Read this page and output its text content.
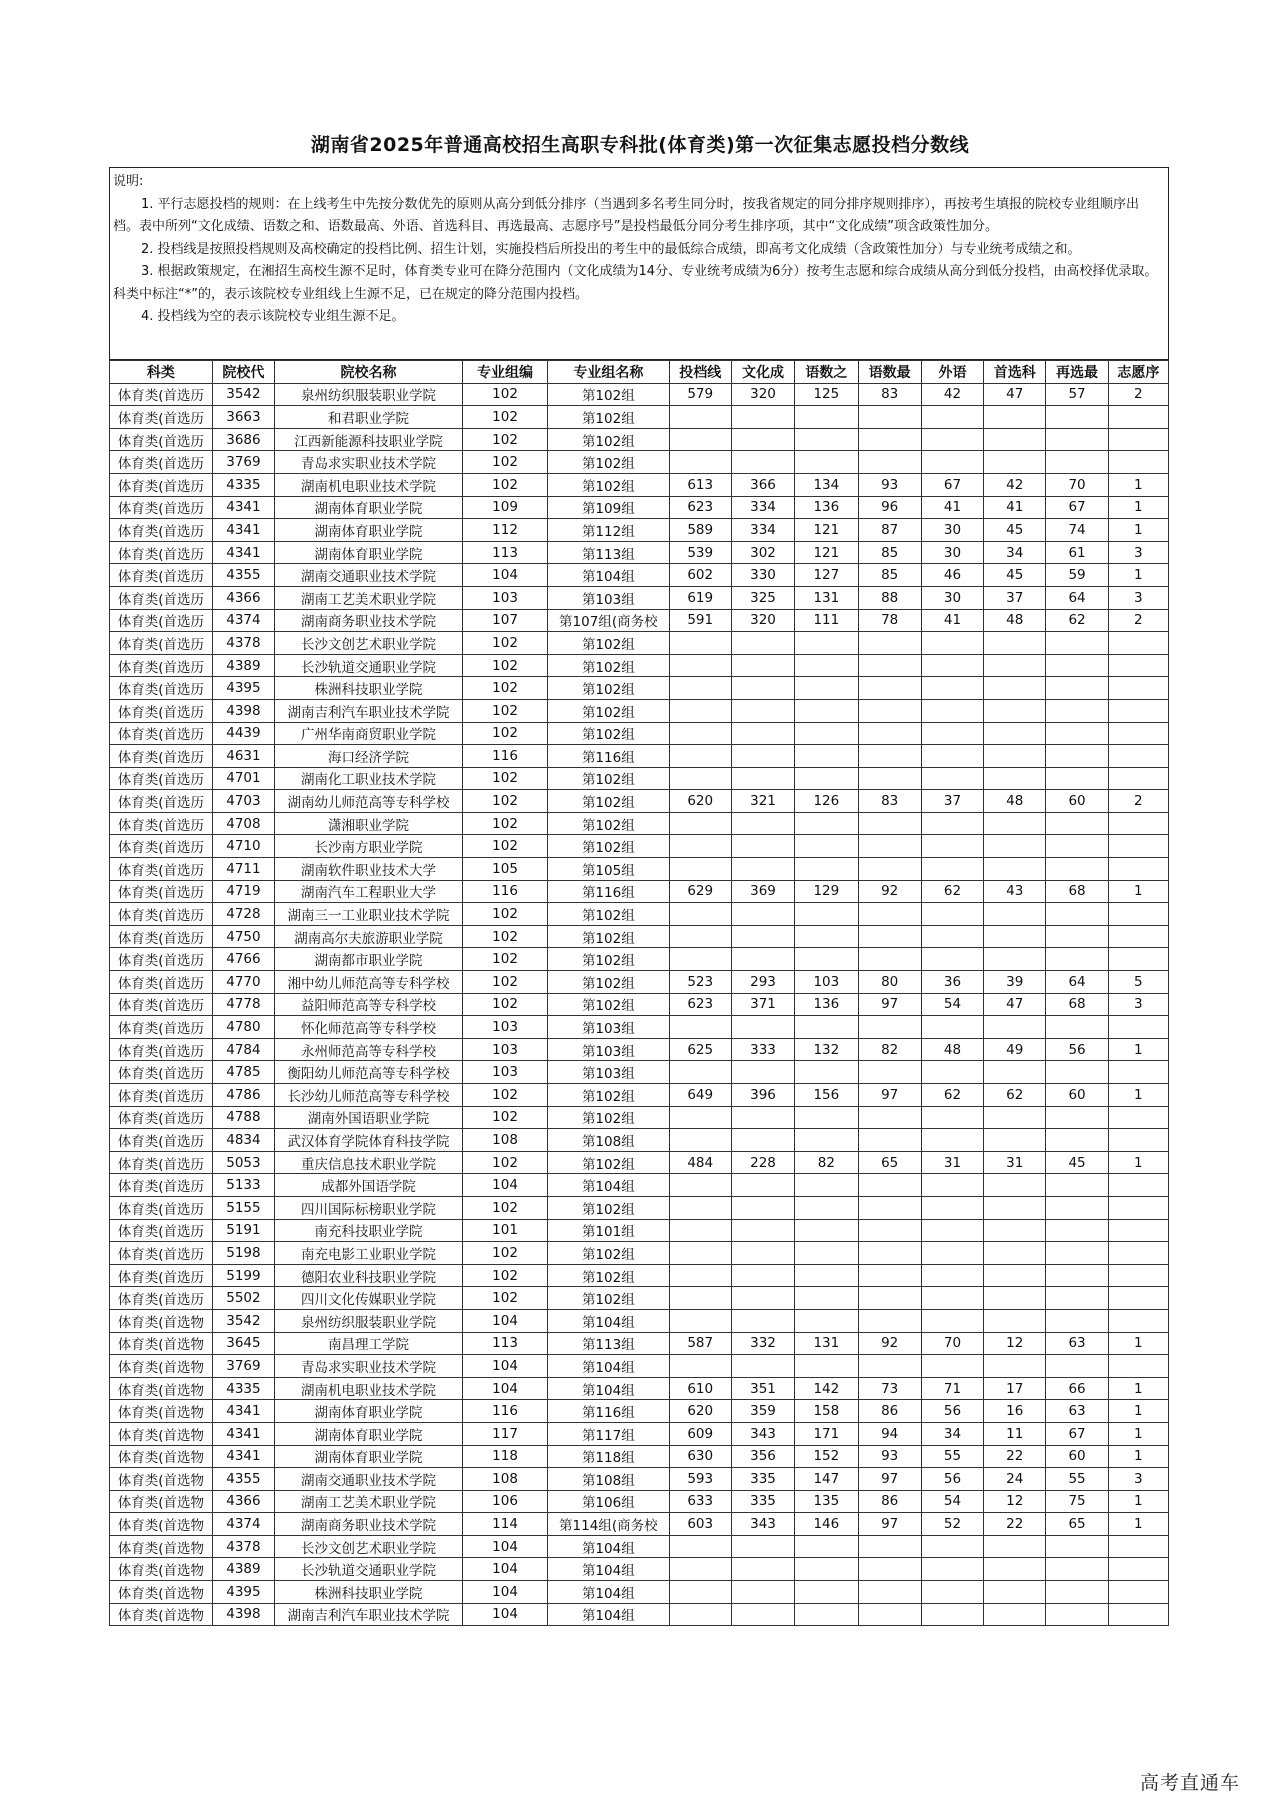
湖南省2025年普通高校招生高职专科批(体育类)第一次征集志愿投档分数线

说明:

1. 平行志愿投档的规则：在上线考生中先按分数优先的原则从高分到低分排序（当遇到多名考生同分时，按我省规定的同分排序规则排序），再按考生填报的院校专业组顺序出档。表中所列“文化成绩、语数之和、语数最高、外语、首选科目、再选最高、志愿序号”是投档最低分同分考生排序项，其中“文化成绩”项含政策性加分。

2. 投档线是按照投档规则及高校确定的投档比例、招生计划，实施投档后所投出的考生中的最低综合成绩，即高考文化成绩（含政策性加分）与专业统考成绩之和。

3. 根据政策规定，在湘招生高校生源不足时，体育类专业可在降分范围内（文化成绩为14分、专业统考成绩为6分）按考生志愿和综合成绩从高分到低分投档，由高校择优录取。科类中标注“*”的，表示该院校专业组线上生源不足，已在规定的降分范围内投档。

4. 投档线为空的表示该院校专业组生源不足。

科类	院校代	院校名称	专业组编	专业组名称	投档线	文化成	语数之	语数最	外语	首选科	再选最	志愿序
体育类(首选历	3542	泉州纺织服装职业学院	102	第102组	579	320	125	83	42	47	57	2
体育类(首选历	3663	和君职业学院	102	第102组								
体育类(首选历	3686	江西新能源科技职业学院	102	第102组								
体育类(首选历	3769	青岛求实职业技术学院	102	第102组								
体育类(首选历	4335	湖南机电职业技术学院	102	第102组	613	366	134	93	67	42	70	1
体育类(首选历	4341	湖南体育职业学院	109	第109组	623	334	136	96	41	41	67	1
体育类(首选历	4341	湖南体育职业学院	112	第112组	589	334	121	87	30	45	74	1
体育类(首选历	4341	湖南体育职业学院	113	第113组	539	302	121	85	30	34	61	3
体育类(首选历	4355	湖南交通职业技术学院	104	第104组	602	330	127	85	46	45	59	1
体育类(首选历	4366	湖南工艺美术职业学院	103	第103组	619	325	131	88	30	37	64	3
体育类(首选历	4374	湖南商务职业技术学院	107	第107组(商务校	591	320	111	78	41	48	62	2
体育类(首选历	4378	长沙文创艺术职业学院	102	第102组								
体育类(首选历	4389	长沙轨道交通职业学院	102	第102组								
体育类(首选历	4395	株洲科技职业学院	102	第102组								
体育类(首选历	4398	湖南吉利汽车职业技术学院	102	第102组								
体育类(首选历	4439	广州华南商贸职业学院	102	第102组								
体育类(首选历	4631	海口经济学院	116	第116组								
体育类(首选历	4701	湖南化工职业技术学院	102	第102组								
体育类(首选历	4703	湖南幼儿师范高等专科学校	102	第102组	620	321	126	83	37	48	60	2
体育类(首选历	4708	潇湘职业学院	102	第102组								
体育类(首选历	4710	长沙南方职业学院	102	第102组								
体育类(首选历	4711	湖南软件职业技术大学	105	第105组								
体育类(首选历	4719	湖南汽车工程职业大学	116	第116组	629	369	129	92	62	43	68	1
体育类(首选历	4728	湖南三一工业职业技术学院	102	第102组								
体育类(首选历	4750	湖南高尔夫旅游职业学院	102	第102组								
体育类(首选历	4766	湖南都市职业学院	102	第102组								
体育类(首选历	4770	湘中幼儿师范高等专科学校	102	第102组	523	293	103	80	36	39	64	5
体育类(首选历	4778	益阳师范高等专科学校	102	第102组	623	371	136	97	54	47	68	3
体育类(首选历	4780	怀化师范高等专科学校	103	第103组								
体育类(首选历	4784	永州师范高等专科学校	103	第103组	625	333	132	82	48	49	56	1
体育类(首选历	4785	衡阳幼儿师范高等专科学校	103	第103组								
体育类(首选历	4786	长沙幼儿师范高等专科学校	102	第102组	649	396	156	97	62	62	60	1
体育类(首选历	4788	湖南外国语职业学院	102	第102组								
体育类(首选历	4834	武汉体育学院体育科技学院	108	第108组								
体育类(首选历	5053	重庆信息技术职业学院	102	第102组	484	228	82	65	31	31	45	1
体育类(首选历	5133	成都外国语学院	104	第104组								
体育类(首选历	5155	四川国际标榜职业学院	102	第102组								
体育类(首选历	5191	南充科技职业学院	101	第101组								
体育类(首选历	5198	南充电影工业职业学院	102	第102组								
体育类(首选历	5199	德阳农业科技职业学院	102	第102组								
体育类(首选历	5502	四川文化传媒职业学院	102	第102组								
体育类(首选物	3542	泉州纺织服装职业学院	104	第104组								
体育类(首选物	3645	南昌理工学院	113	第113组	587	332	131	92	70	12	63	1
体育类(首选物	3769	青岛求实职业技术学院	104	第104组								
体育类(首选物	4335	湖南机电职业技术学院	104	第104组	610	351	142	73	71	17	66	1
体育类(首选物	4341	湖南体育职业学院	116	第116组	620	359	158	86	56	16	63	1
体育类(首选物	4341	湖南体育职业学院	117	第117组	609	343	171	94	34	11	67	1
体育类(首选物	4341	湖南体育职业学院	118	第118组	630	356	152	93	55	22	60	1
体育类(首选物	4355	湖南交通职业技术学院	108	第108组	593	335	147	97	56	24	55	3
体育类(首选物	4366	湖南工艺美术职业学院	106	第106组	633	335	135	86	54	12	75	1
体育类(首选物	4374	湖南商务职业技术学院	114	第114组(商务校	603	343	146	97	52	22	65	1
体育类(首选物	4378	长沙文创艺术职业学院	104	第104组								
体育类(首选物	4389	长沙轨道交通职业学院	104	第104组								
体育类(首选物	4395	株洲科技职业学院	104	第104组								
体育类(首选物	4398	湖南吉利汽车职业技术学院	104	第104组								
高考直通车
